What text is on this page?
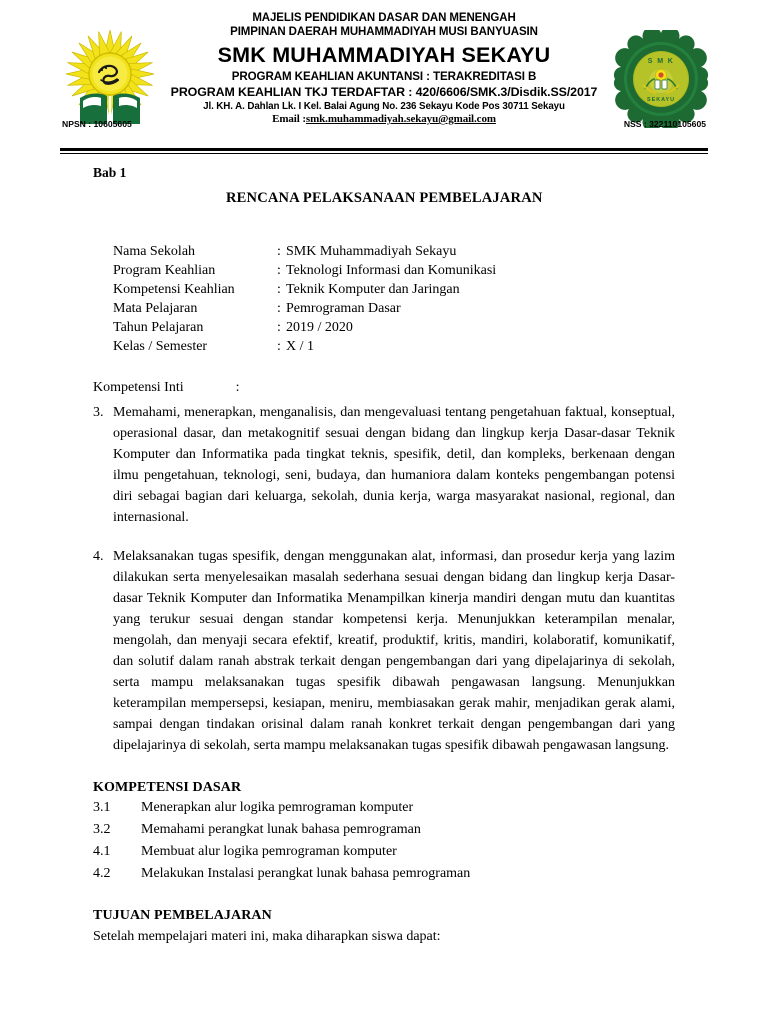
S M K
SEKAYU
MAJELIS PENDIDIKAN DASAR DAN MENENGAH
PIMPINAN DAERAH MUHAMMADIYAH MUSI BANYUASIN
SMK MUHAMMADIYAH SEKAYU
PROGRAM KEAHLIAN AKUNTANSI : TERAKREDITASI B
PROGRAM KEAHLIAN TKJ TERDAFTAR : 420/6606/SMK.3/Disdik.SS/2017
Jl. KH. A. Dahlan Lk. I Kel. Balai Agung No. 236 Sekayu Kode Pos 30711 Sekayu
Email :smk.muhammadiyah.sekayu@gmail.com
NPSN : 10605605	NSS : 322110105605
Bab 1
RENCANA PELAKSANAAN PEMBELAJARAN
Nama Sekolah	:	SMK Muhammadiyah Sekayu
Program Keahlian	:	Teknologi Informasi dan Komunikasi
Kompetensi Keahlian	:	Teknik Komputer dan Jaringan
Mata Pelajaran	:	Pemrograman Dasar
Tahun Pelajaran	:	2019 / 2020
Kelas / Semester	:	X / 1
Kompetensi Inti	:
3. Memahami, menerapkan, menganalisis, dan mengevaluasi tentang pengetahuan faktual, konseptual, operasional dasar, dan metakognitif sesuai dengan bidang dan lingkup kerja Dasar-dasar Teknik Komputer dan Informatika pada tingkat teknis, spesifik, detil, dan kompleks, berkenaan dengan ilmu pengetahuan, teknologi, seni, budaya, dan humaniora dalam konteks pengembangan potensi diri sebagai bagian dari keluarga, sekolah, dunia kerja, warga masyarakat nasional, regional, dan internasional.
4. Melaksanakan tugas spesifik, dengan menggunakan alat, informasi, dan prosedur kerja yang lazim dilakukan serta menyelesaikan masalah sederhana sesuai dengan bidang dan lingkup kerja Dasar-dasar Teknik Komputer dan Informatika Menampilkan kinerja mandiri dengan mutu dan kuantitas yang terukur sesuai dengan standar kompetensi kerja. Menunjukkan keterampilan menalar, mengolah, dan menyaji secara efektif, kreatif, produktif, kritis, mandiri, kolaboratif, komunikatif, dan solutif dalam ranah abstrak terkait dengan pengembangan dari yang dipelajarinya di sekolah, serta mampu melaksanakan tugas spesifik dibawah pengawasan langsung. Menunjukkan keterampilan mempersepsi, kesiapan, meniru, membiasakan gerak mahir, menjadikan gerak alami, sampai dengan tindakan orisinal dalam ranah konkret terkait dengan pengembangan dari yang dipelajarinya di sekolah, serta mampu melaksanakan tugas spesifik dibawah pengawasan langsung.
KOMPETENSI DASAR
3.1	Menerapkan alur logika pemrograman komputer
3.2	Memahami perangkat lunak bahasa pemrograman
4.1	Membuat alur logika pemrograman komputer
4.2	Melakukan Instalasi perangkat lunak bahasa pemrograman
TUJUAN PEMBELAJARAN
Setelah mempelajari materi ini, maka diharapkan siswa dapat:
